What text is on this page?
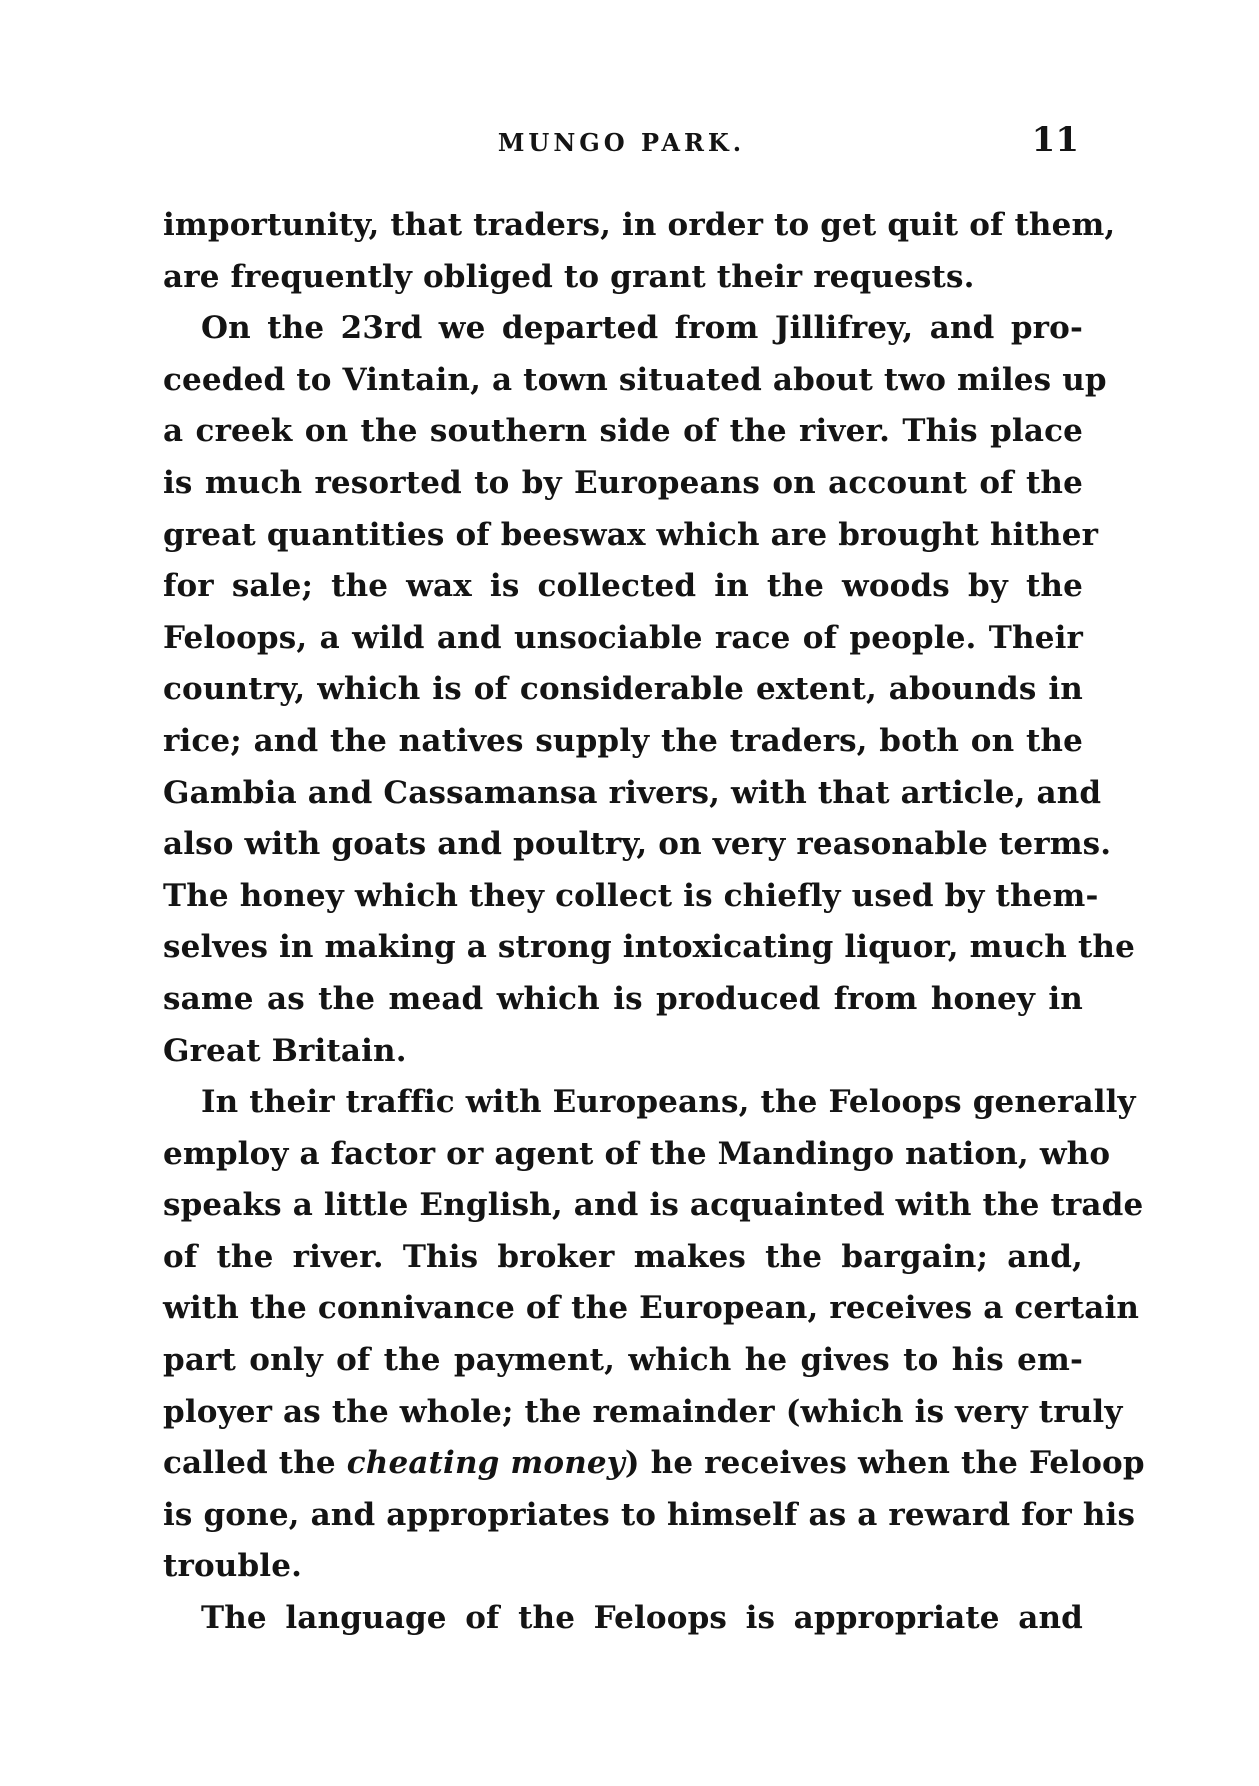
MUNGO PARK.	11
importunity, that traders, in order to get quit of them,
are frequently obliged to grant their requests.
On the 23rd we departed from Jillifrey, and pro-
ceeded to Vintain, a town situated about two miles up
a creek on the southern side of the river. This place
is much resorted to by Europeans on account of the
great quantities of beeswax which are brought hither
for sale; the wax is collected in the woods by the
Feloops, a wild and unsociable race of people. Their
country, which is of considerable extent, abounds in
rice; and the natives supply the traders, both on the
Gambia and Cassamansa rivers, with that article, and
also with goats and poultry, on very reasonable terms.
The honey which they collect is chiefly used by them-
selves in making a strong intoxicating liquor, much the
same as the mead which is produced from honey in
Great Britain.
In their traffic with Europeans, the Feloops generally
employ a factor or agent of the Mandingo nation, who
speaks a little English, and is acquainted with the trade
of the river. This broker makes the bargain; and,
with the connivance of the European, receives a certain
part only of the payment, which he gives to his em-
ployer as the whole; the remainder (which is very truly
called the cheating money) he receives when the Feloop
is gone, and appropriates to himself as a reward for his
trouble.
The language of the Feloops is appropriate and
